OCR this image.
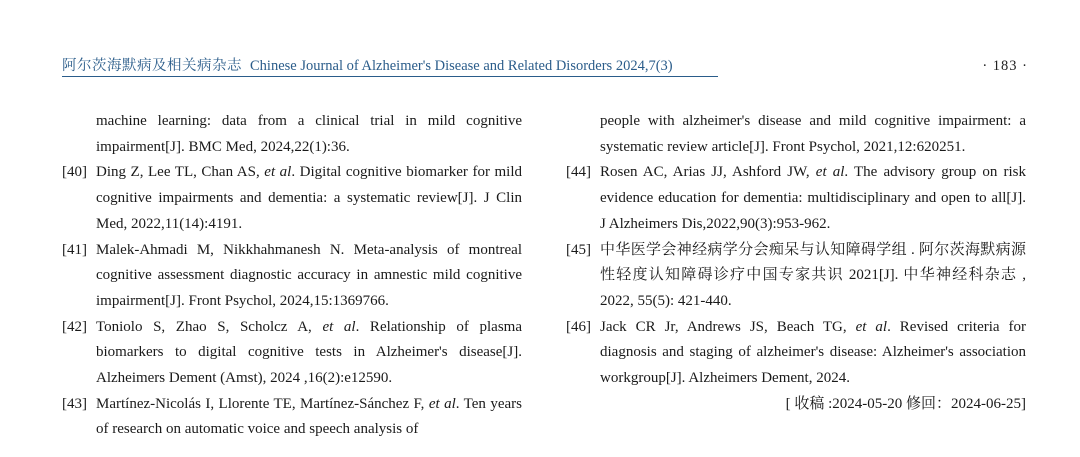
阿尔茨海默病及相关病杂志 Chinese Journal of Alzheimer's Disease and Related Disorders 2024,7(3)	· 183 ·

machine learning: data from a clinical trial in mild cognitive impairment[J]. BMC Med, 2024,22(1):36.

[40] Ding Z, Lee TL, Chan AS, et al. Digital cognitive biomarker for mild cognitive impairments and dementia: a systematic review[J]. J Clin Med, 2022,11(14):4191.

[41] Malek-Ahmadi M, Nikkhahmanesh N. Meta-analysis of montreal cognitive assessment diagnostic accuracy in amnestic mild cognitive impairment[J]. Front Psychol, 2024,15:1369766.

[42] Toniolo S, Zhao S, Scholcz A, et al. Relationship of plasma biomarkers to digital cognitive tests in Alzheimer's disease[J]. Alzheimers Dement (Amst), 2024 ,16(2):e12590.

[43] Martínez-Nicolás I, Llorente TE, Martínez-Sánchez F, et al. Ten years of research on automatic voice and speech analysis of

people with alzheimer's disease and mild cognitive impairment: a systematic review article[J]. Front Psychol, 2021,12:620251.

[44] Rosen AC, Arias JJ, Ashford JW, et al. The advisory group on risk evidence education for dementia: multidisciplinary and open to all[J]. J Alzheimers Dis,2022,90(3):953-962.

[45] 中华医学会神经病学分会痴呆与认知障碍学组 . 阿尔茨海默病源性轻度认知障碍诊疗中国专家共识 2021[J]. 中华神经科杂志 , 2022, 55(5): 421-440.

[46] Jack CR Jr, Andrews JS, Beach TG, et al. Revised criteria for diagnosis and staging of alzheimer's disease: Alzheimer's association workgroup[J]. Alzheimers Dement, 2024.

[ 收稿 :2024-05-20 修回：2024-06-25]
